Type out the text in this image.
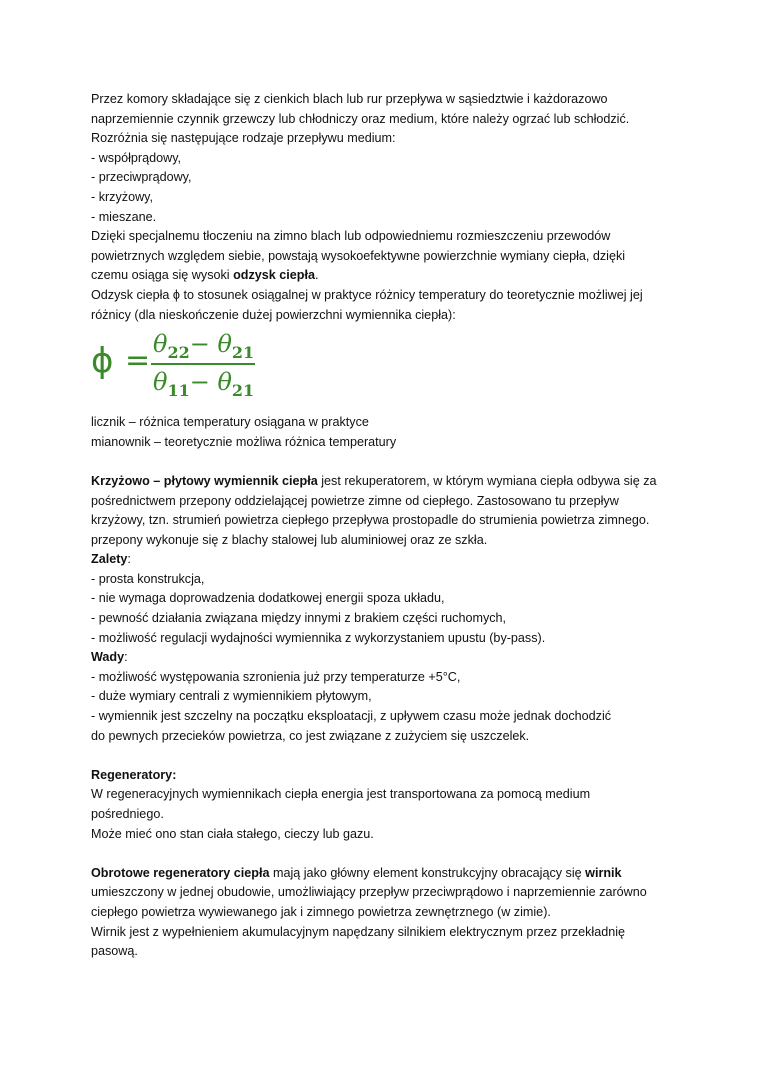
Przez komory składające się z cienkich blach lub rur przepływa w sąsiedztwie i każdorazowo
naprzemiennie czynnik grzewczy lub chłodniczy oraz medium, które należy ogrzać lub schłodzić.
Rozróżnia się następujące rodzaje przepływu medium:
- współprądowy,
- przeciwprądowy,
- krzyżowy,
- mieszane.
Dzięki specjalnemu tłoczeniu na zimno blach lub odpowiedniemu rozmieszczeniu przewodów
powietrznych względem siebie, powstają wysokoefektywne powierzchnie wymiany ciepła, dzięki
czemu osiąga się wysoki odzysk ciepła.
Odzysk ciepła ϕ to stosunek osiągalnej w praktyce różnicy temperatury do teoretycznie możliwej jej
różnicy (dla nieskończenie dużej powierzchni wymiennika ciepła):
$\phi = \theta_{22}- \theta_{21}$
$\theta_{11}- \theta_{21}$
licznik – różnica temperatury osiągana w praktyce
mianownik – teoretycznie możliwa różnica temperatury
Krzyżowo – płytowy wymiennik ciepła jest rekuperatorem, w którym wymiana ciepła odbywa się za
pośrednictwem przepony oddzielającej powietrze zimne od ciepłego. Zastosowano tu przepływ
krzyżowy, tzn. strumień powietrza ciepłego przepływa prostopadle do strumienia powietrza zimnego.
przepony wykonuje się z blachy stalowej lub aluminiowej oraz ze szkła.
Zalety:
- prosta konstrukcja,
- nie wymaga doprowadzenia dodatkowej energii spoza układu,
- pewność działania związana między innymi z brakiem części ruchomych,
- możliwość regulacji wydajności wymiennika z wykorzystaniem upustu (by-pass).
Wady:
- możliwość występowania szronienia już przy temperaturze +5°C,
- duże wymiary centrali z wymiennikiem płytowym,
- wymiennik jest szczelny na początku eksploatacji, z upływem czasu może jednak dochodzić
do pewnych przecieków powietrza, co jest związane z zużyciem się uszczelek.
Regeneratory:
W regeneracyjnych wymiennikach ciepła energia jest transportowana za pomocą medium
pośredniego.
Może mieć ono stan ciała stałego, cieczy lub gazu.
Obrotowe regeneratory ciepła mają jako główny element konstrukcyjny obracający się wirnik
umieszczony w jednej obudowie, umożliwiający przepływ przeciwprądowo i naprzemiennie zarówno
ciepłego powietrza wywiewanego jak i zimnego powietrza zewnętrznego (w zimie).
Wirnik jest z wypełnieniem akumulacyjnym napędzany silnikiem elektrycznym przez przekładnię
pasową.
